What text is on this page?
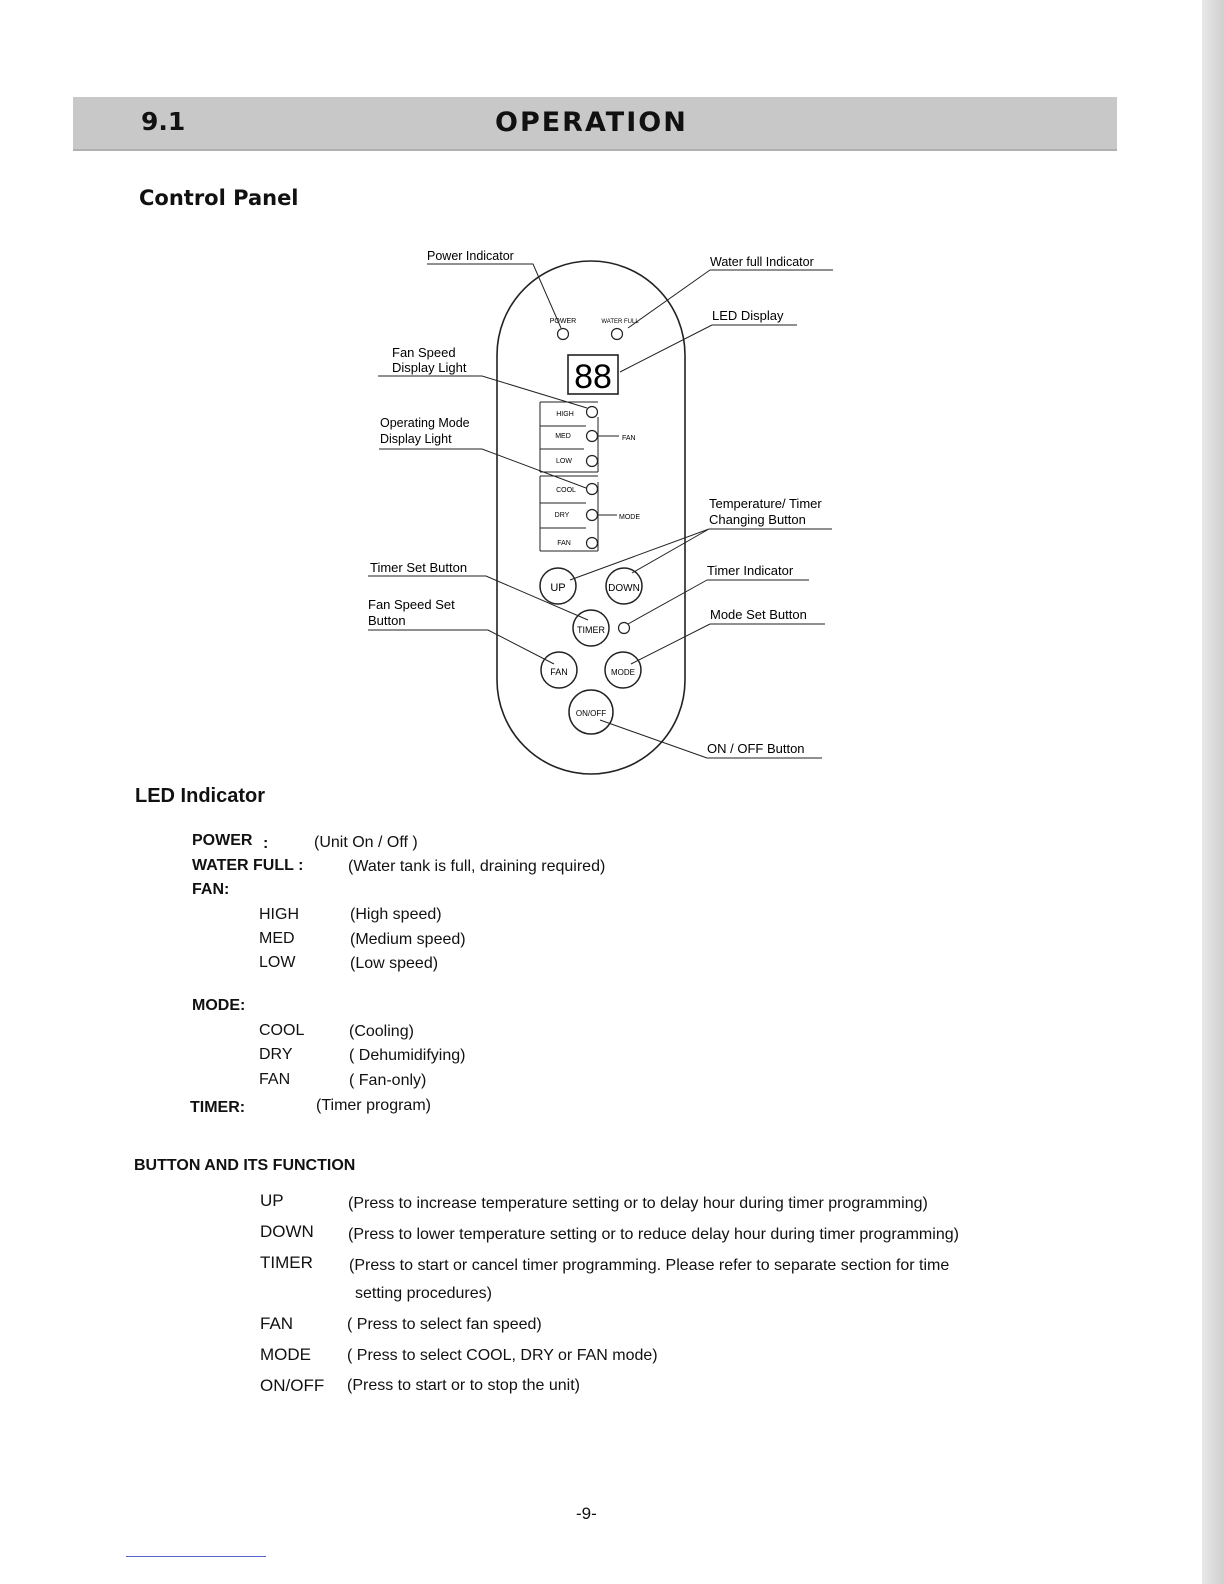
9.1	OPERATION
Control Panel
POWER	WATER FULL
88
HIGH
MED
LOW
FAN
COOL
DRY
FAN
MODE
UP	DOWN
TIMER
FAN	MODE
ON/OFF
Power Indicator	Water full Indicator
LED Display
Fan Speed
Display Light
Operating Mode
Display Light
Temperature/ Timer
Changing Button
Timer Set Button	Timer Indicator
Fan Speed Set
Button	Mode Set Button
ON / OFF Button
LED Indicator
POWER :	(Unit On / Off )
WATER FULL :	(Water tank is full, draining required)
FAN:
HIGH	(High speed)
MED	(Medium speed)
LOW	(Low speed)
MODE:
COOL	(Cooling)
DRY	( Dehumidifying)
FAN	( Fan-only)
TIMER:	(Timer program)
BUTTON AND ITS FUNCTION
UP	(Press to increase temperature setting or to delay hour during timer programming)
DOWN (Press to lower temperature setting or to reduce delay hour during timer programming)
TIMER (Press to start or cancel timer programming. Please refer to separate section for time
setting procedures)
FAN	( Press to select fan speed)
MODE ( Press to select COOL, DRY or FAN mode)
ON/OFF (Press to start or to stop the unit)
-9-
